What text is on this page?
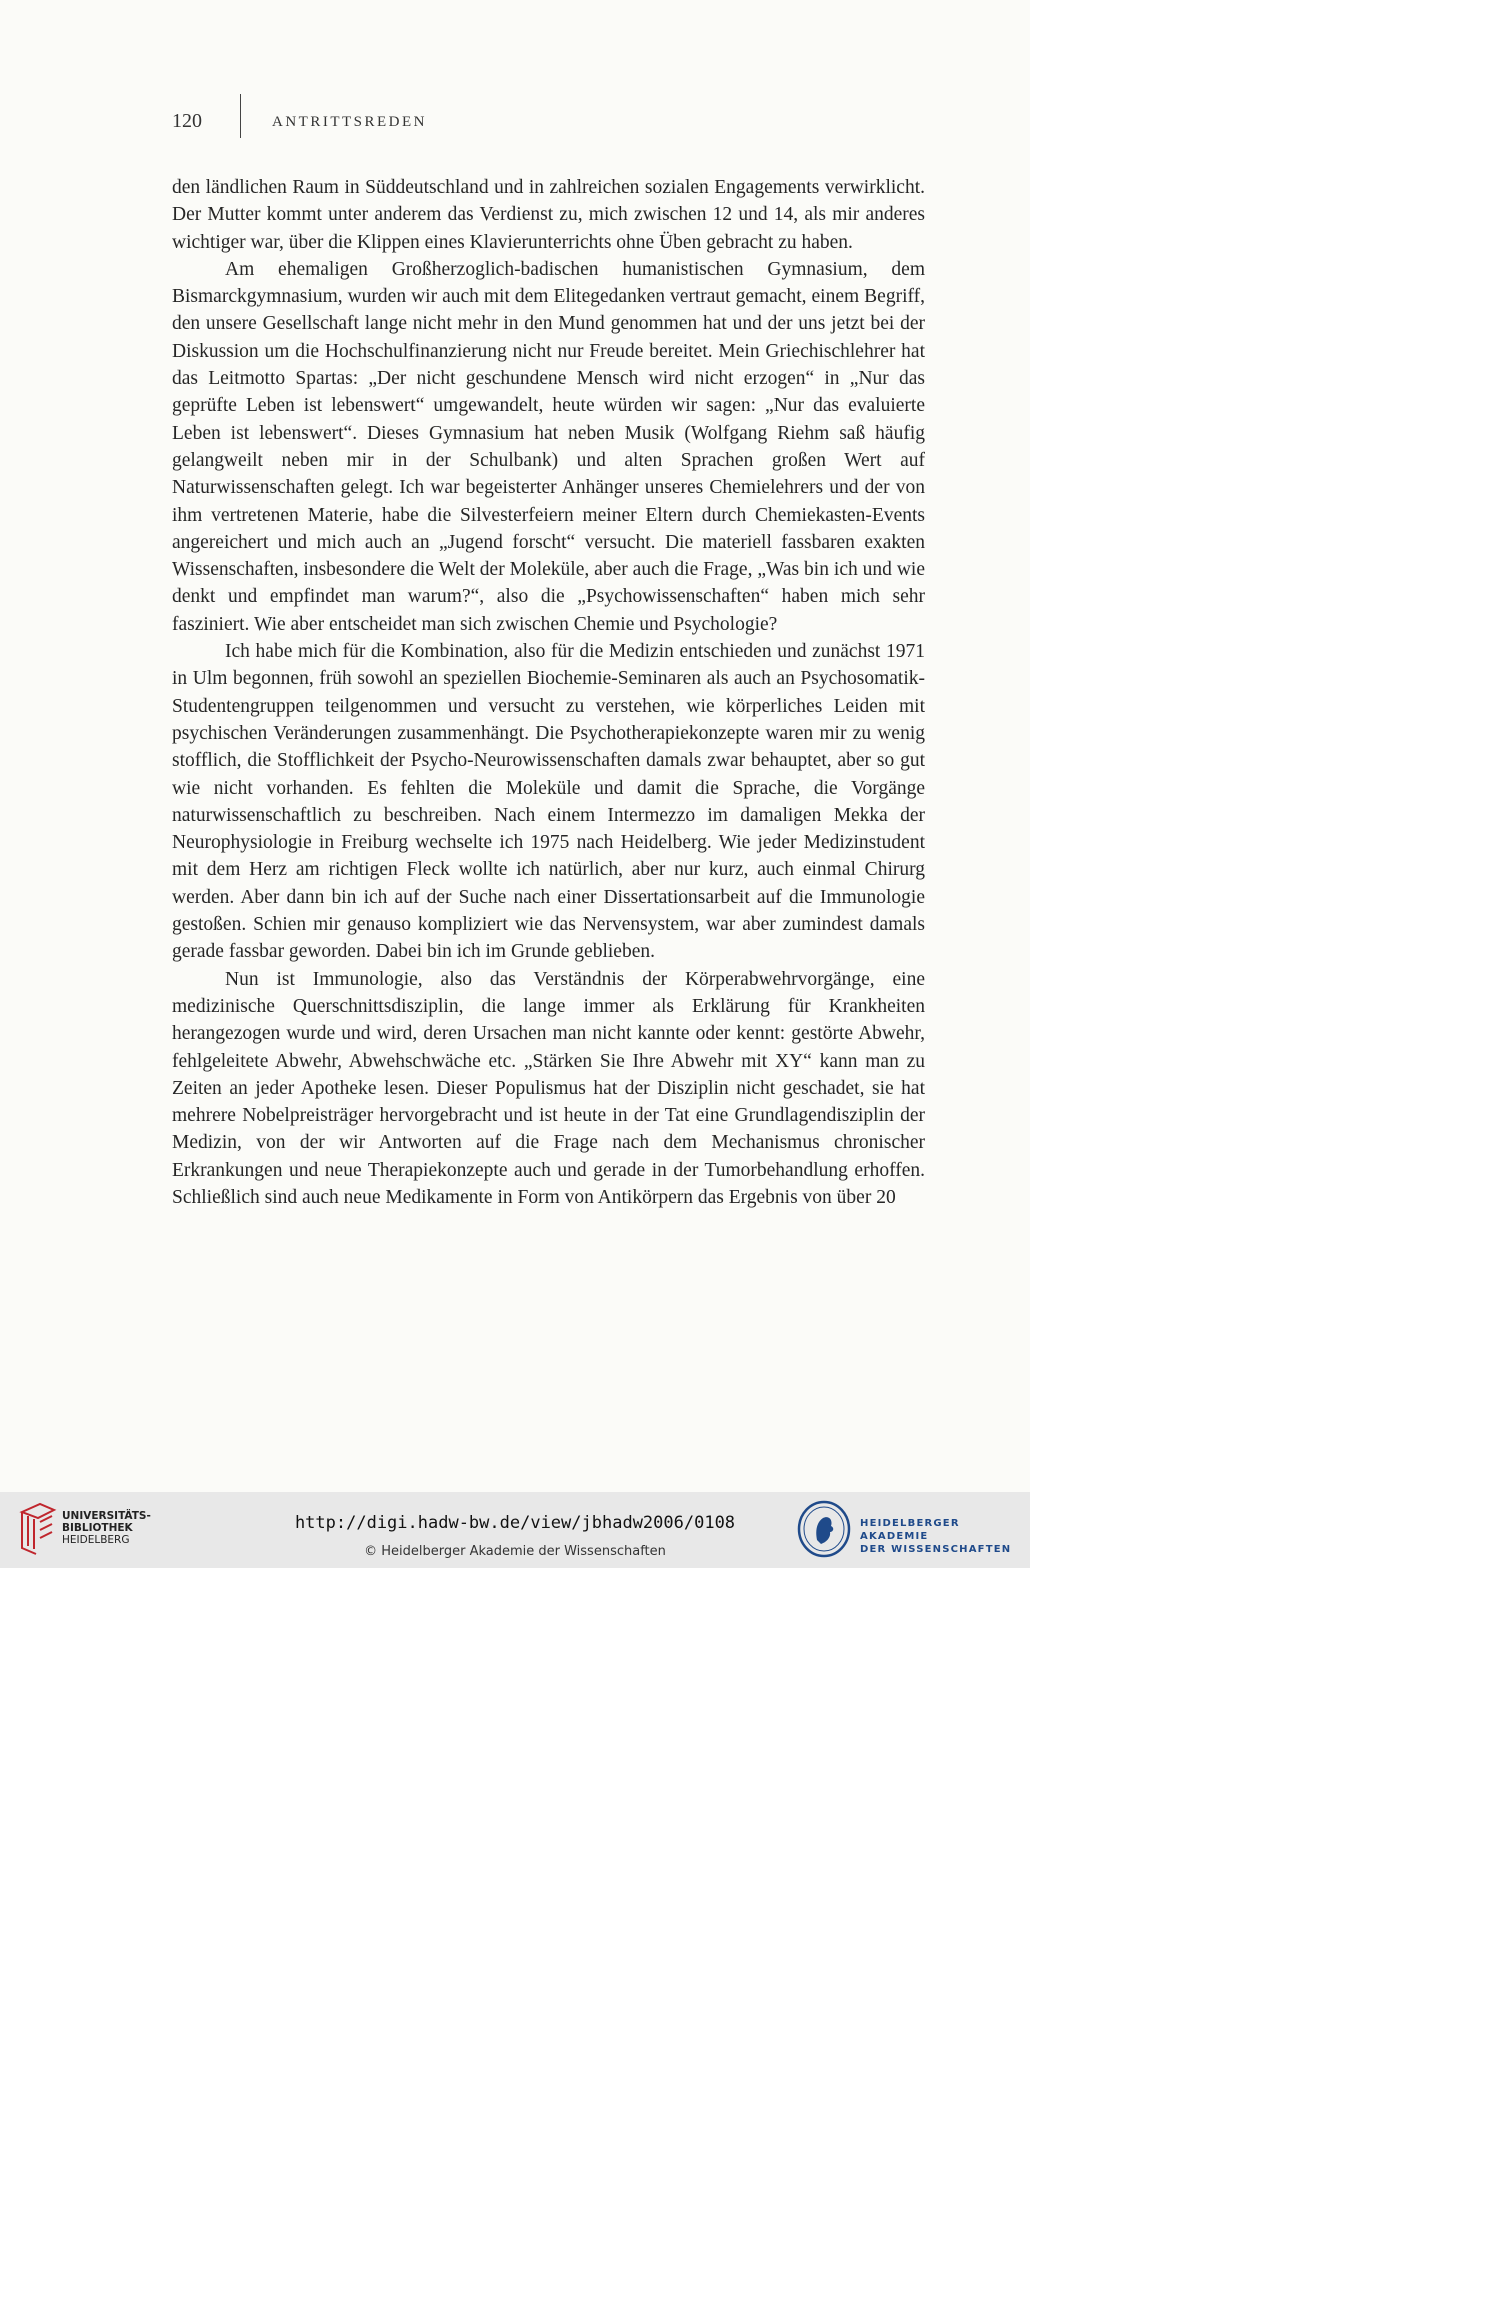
120	ANTRITTSREDEN

den ländlichen Raum in Süddeutschland und in zahlreichen sozialen Engagements verwirklicht. Der Mutter kommt unter anderem das Verdienst zu, mich zwischen 12 und 14, als mir anderes wichtiger war, über die Klippen eines Klavierunterrichts ohne Üben gebracht zu haben.

Am ehemaligen Großherzoglich-badischen humanistischen Gymnasium, dem Bismarckgymnasium, wurden wir auch mit dem Elitegedanken vertraut gemacht, einem Begriff, den unsere Gesellschaft lange nicht mehr in den Mund genommen hat und der uns jetzt bei der Diskussion um die Hochschulfinanzierung nicht nur Freude bereitet. Mein Griechischlehrer hat das Leitmotto Spartas: „Der nicht geschundene Mensch wird nicht erzogen“ in „Nur das geprüfte Leben ist lebenswert“ umgewandelt, heute würden wir sagen: „Nur das evaluierte Leben ist lebenswert“. Dieses Gymnasium hat neben Musik (Wolfgang Riehm saß häufig gelangweilt neben mir in der Schulbank) und alten Sprachen großen Wert auf Naturwissenschaften gelegt. Ich war begeisterter Anhänger unseres Chemielehrers und der von ihm vertretenen Materie, habe die Silvesterfeiern meiner Eltern durch Chemiekasten-Events angereichert und mich auch an „Jugend forscht“ versucht. Die materiell fassbaren exakten Wissenschaften, insbesondere die Welt der Moleküle, aber auch die Frage, „Was bin ich und wie denkt und empfindet man warum?“, also die „Psychowissenschaften“ haben mich sehr fasziniert. Wie aber entscheidet man sich zwischen Chemie und Psychologie?

Ich habe mich für die Kombination, also für die Medizin entschieden und zunächst 1971 in Ulm begonnen, früh sowohl an speziellen Biochemie-Seminaren als auch an Psychosomatik-Studentengruppen teilgenommen und versucht zu verstehen, wie körperliches Leiden mit psychischen Veränderungen zusammenhängt. Die Psychotherapiekonzepte waren mir zu wenig stofflich, die Stofflichkeit der Psycho-Neurowissenschaften damals zwar behauptet, aber so gut wie nicht vorhanden. Es fehlten die Moleküle und damit die Sprache, die Vorgänge naturwissenschaftlich zu beschreiben. Nach einem Intermezzo im damaligen Mekka der Neurophysiologie in Freiburg wechselte ich 1975 nach Heidelberg. Wie jeder Medizinstudent mit dem Herz am richtigen Fleck wollte ich natürlich, aber nur kurz, auch einmal Chirurg werden. Aber dann bin ich auf der Suche nach einer Dissertationsarbeit auf die Immunologie gestoßen. Schien mir genauso kompliziert wie das Nervensystem, war aber zumindest damals gerade fassbar geworden. Dabei bin ich im Grunde geblieben.

Nun ist Immunologie, also das Verständnis der Körperabwehrvorgänge, eine medizinische Querschnittsdisziplin, die lange immer als Erklärung für Krankheiten herangezogen wurde und wird, deren Ursachen man nicht kannte oder kennt: gestörte Abwehr, fehlgeleitete Abwehr, Abwehschwäche etc. „Stärken Sie Ihre Abwehr mit XY“ kann man zu Zeiten an jeder Apotheke lesen. Dieser Populismus hat der Disziplin nicht geschadet, sie hat mehrere Nobelpreisträger hervorgebracht und ist heute in der Tat eine Grundlagendisziplin der Medizin, von der wir Antworten auf die Frage nach dem Mechanismus chronischer Erkrankungen und neue Therapiekonzepte auch und gerade in der Tumorbehandlung erhoffen. Schließlich sind auch neue Medikamente in Form von Antikörpern das Ergebnis von über 20

UNIVERSITÄTS-
BIBLIOTHEK
HEIDELBERG
http://digi.hadw-bw.de/view/jbhadw2006/0108
© Heidelberger Akademie der Wissenschaften
HEIDELBERGER AKADEMIE
DER WISSENSCHAFTEN
